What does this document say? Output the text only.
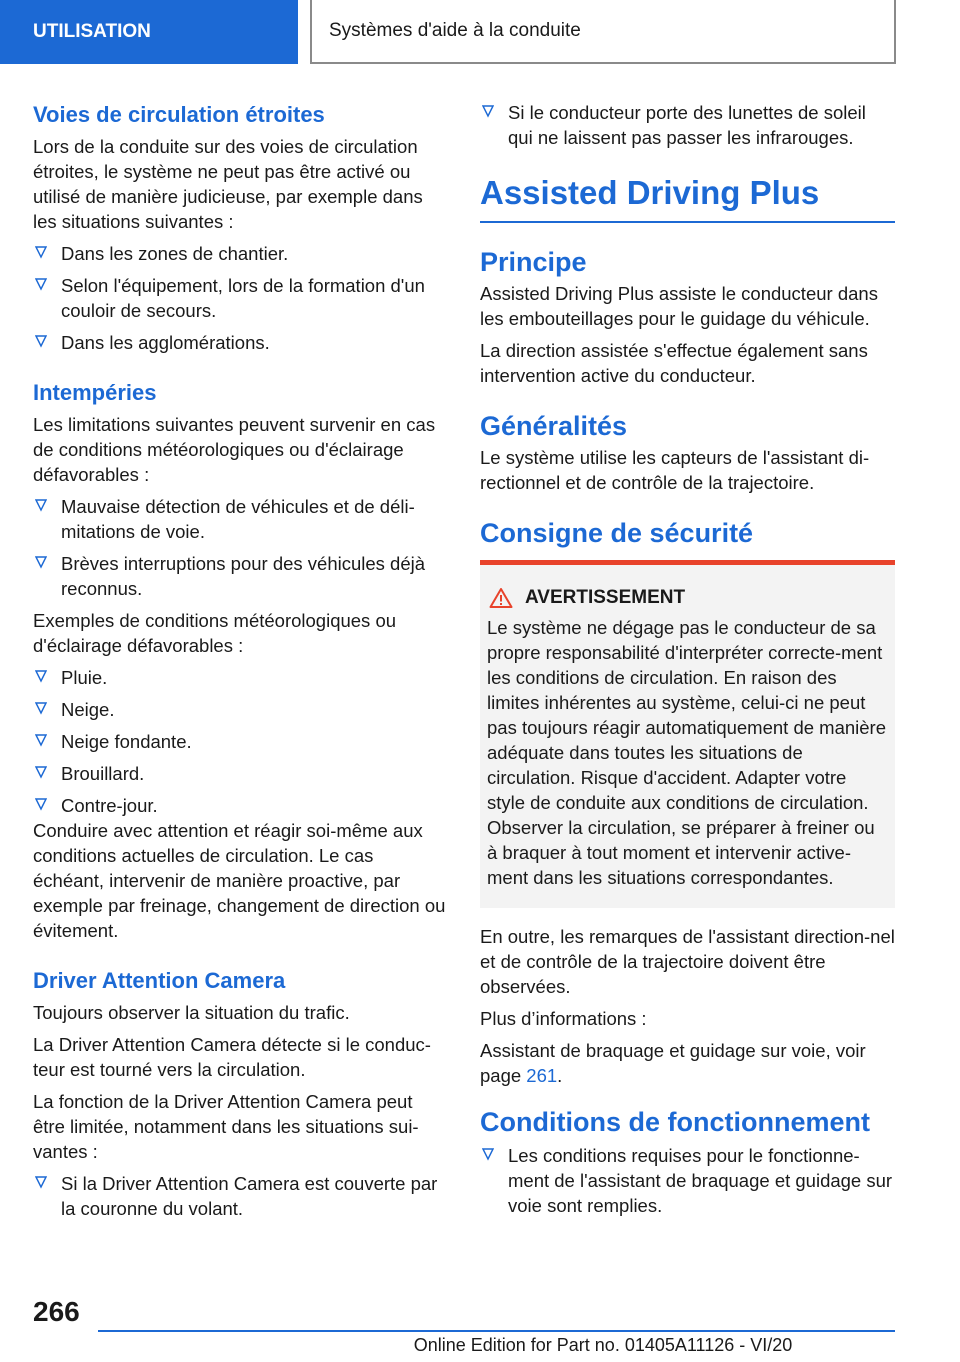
UTILISATION	Systèmes d'aide à la conduite
Voies de circulation étroites

Lors de la conduite sur des voies de circulation étroites, le système ne peut pas être activé ou utilisé de manière judicieuse, par exemple dans les situations suivantes :

Dans les zones de chantier.
Selon l'équipement, lors de la formation d'un couloir de secours.
Dans les agglomérations.
Intempéries

Les limitations suivantes peuvent survenir en cas de conditions météorologiques ou d'éclairage défavorables :

Mauvaise détection de véhicules et de déli-mitations de voie.
Brèves interruptions pour des véhicules déjà reconnus.

Exemples de conditions météorologiques ou d'éclairage défavorables :

Pluie.
Neige.
Neige fondante.
Brouillard.
Contre-jour.

Conduire avec attention et réagir soi-même aux conditions actuelles de circulation. Le cas échéant, intervenir de manière proactive, par exemple par freinage, changement de direction ou évitement.

Driver Attention Camera

Toujours observer la situation du trafic.

La Driver Attention Camera détecte si le conduc-teur est tourné vers la circulation.

La fonction de la Driver Attention Camera peut être limitée, notamment dans les situations sui-vantes :

Si la Driver Attention Camera est couverte par la couronne du volant.
Si le conducteur porte des lunettes de soleil qui ne laissent pas passer les infrarouges.
Assisted Driving Plus
Principe

Assisted Driving Plus assiste le conducteur dans les embouteillages pour le guidage du véhicule.

La direction assistée s'effectue également sans intervention active du conducteur.

Généralités

Le système utilise les capteurs de l'assistant di-rectionnel et de contrôle de la trajectoire.

Consigne de sécurité
AVERTISSEMENT

Le système ne dégage pas le conducteur de sa propre responsabilité d'interpréter correcte-ment les conditions de circulation. En raison des limites inhérentes au système, celui-ci ne peut pas toujours réagir automatiquement de manière adéquate dans toutes les situations de circulation. Risque d'accident. Adapter votre style de conduite aux conditions de circulation. Observer la circulation, se préparer à freiner ou à braquer à tout moment et intervenir active-ment dans les situations correspondantes.

En outre, les remarques de l'assistant direction-nel et de contrôle de la trajectoire doivent être observées.

Plus d’informations :

Assistant de braquage et guidage sur voie, voir page 261.

Conditions de fonctionnement
Les conditions requises pour le fonctionne-ment de l'assistant de braquage et guidage sur voie sont remplies.
266
Online Edition for Part no. 01405A11126 - VI/20
